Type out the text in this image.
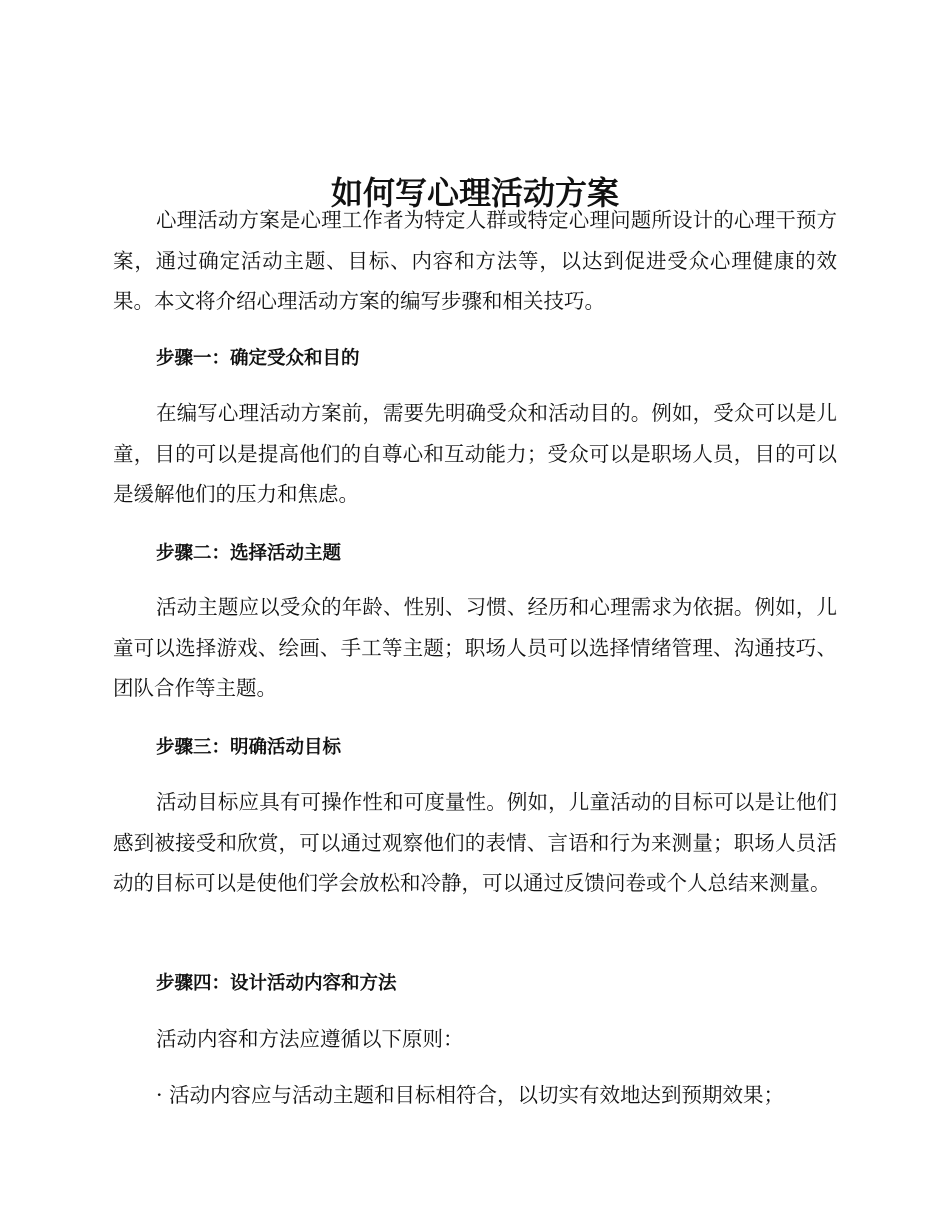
如何写心理活动方案

心理活动方案是心理工作者为特定人群或特定心理问题所设计的心理干预方案，通过确定活动主题、目标、内容和方法等，以达到促进受众心理健康的效果。本文将介绍心理活动方案的编写步骤和相关技巧。

步骤一：确定受众和目的

在编写心理活动方案前，需要先明确受众和活动目的。例如，受众可以是儿童，目的可以是提高他们的自尊心和互动能力；受众可以是职场人员，目的可以是缓解他们的压力和焦虑。

步骤二：选择活动主题

活动主题应以受众的年龄、性别、习惯、经历和心理需求为依据。例如，儿童可以选择游戏、绘画、手工等主题；职场人员可以选择情绪管理、沟通技巧、团队合作等主题。

步骤三：明确活动目标

活动目标应具有可操作性和可度量性。例如，儿童活动的目标可以是让他们感到被接受和欣赏，可以通过观察他们的表情、言语和行为来测量；职场人员活动的目标可以是使他们学会放松和冷静，可以通过反馈问卷或个人总结来测量。

步骤四：设计活动内容和方法

活动内容和方法应遵循以下原则：

· 活动内容应与活动主题和目标相符合，以切实有效地达到预期效果；
